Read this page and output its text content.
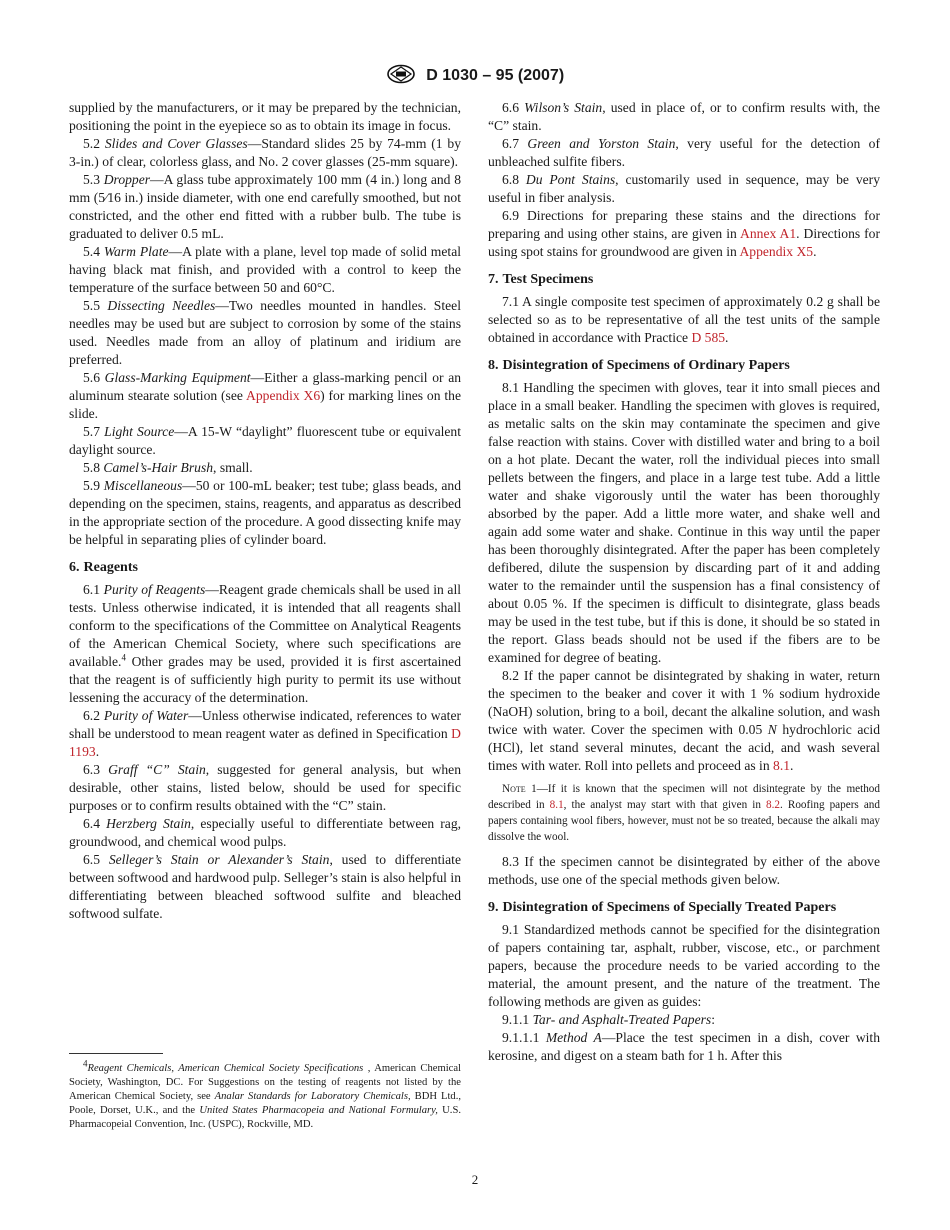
D 1030 – 95 (2007)

supplied by the manufacturers, or it may be prepared by the technician, positioning the point in the eyepiece so as to obtain its image in focus.

5.2 Slides and Cover Glasses—Standard slides 25 by 74-mm (1 by 3-in.) of clear, colorless glass, and No. 2 cover glasses (25-mm square).

5.3 Dropper—A glass tube approximately 100 mm (4 in.) long and 8 mm (5⁄16 in.) inside diameter, with one end carefully smoothed, but not constricted, and the other end fitted with a rubber bulb. The tube is graduated to deliver 0.5 mL.

5.4 Warm Plate—A plate with a plane, level top made of solid metal having black mat finish, and provided with a control to keep the temperature of the surface between 50 and 60°C.

5.5 Dissecting Needles—Two needles mounted in handles. Steel needles may be used but are subject to corrosion by some of the stains used. Needles made from an alloy of platinum and iridium are preferred.

5.6 Glass-Marking Equipment—Either a glass-marking pencil or an aluminum stearate solution (see Appendix X6) for marking lines on the slide.

5.7 Light Source—A 15-W “daylight” fluorescent tube or equivalent daylight source.

5.8 Camel’s-Hair Brush, small.

5.9 Miscellaneous—50 or 100-mL beaker; test tube; glass beads, and depending on the specimen, stains, reagents, and apparatus as described in the appropriate section of the procedure. A good dissecting knife may be helpful in separating plies of cylinder board.

6. Reagents

6.1 Purity of Reagents—Reagent grade chemicals shall be used in all tests. Unless otherwise indicated, it is intended that all reagents shall conform to the specifications of the Committee on Analytical Reagents of the American Chemical Society, where such specifications are available.$^4$ Other grades may be used, provided it is first ascertained that the reagent is of sufficiently high purity to permit its use without lessening the accuracy of the determination.

6.2 Purity of Water—Unless otherwise indicated, references to water shall be understood to mean reagent water as defined in Specification D 1193.

6.3 Graff “C” Stain, suggested for general analysis, but when desirable, other stains, listed below, should be used for specific purposes or to confirm results obtained with the “C” stain.

6.4 Herzberg Stain, especially useful to differentiate between rag, groundwood, and chemical wood pulps.

6.5 Selleger’s Stain or Alexander’s Stain, used to differentiate between softwood and hardwood pulp. Selleger’s stain is also helpful in differentiating between bleached softwood sulfite and bleached softwood sulfate.

$^4$Reagent Chemicals, American Chemical Society Specifications , American Chemical Society, Washington, DC. For Suggestions on the testing of reagents not listed by the American Chemical Society, see Analar Standards for Laboratory Chemicals, BDH Ltd., Poole, Dorset, U.K., and the United States Pharmacopeia and National Formulary, U.S. Pharmacopeial Convention, Inc. (USPC), Rockville, MD.

6.6 Wilson’s Stain, used in place of, or to confirm results with, the “C” stain.

6.7 Green and Yorston Stain, very useful for the detection of unbleached sulfite fibers.

6.8 Du Pont Stains, customarily used in sequence, may be very useful in fiber analysis.

6.9 Directions for preparing these stains and the directions for preparing and using other stains, are given in Annex A1. Directions for using spot stains for groundwood are given in Appendix X5.

7. Test Specimens

7.1 A single composite test specimen of approximately 0.2 g shall be selected so as to be representative of all the test units of the sample obtained in accordance with Practice D 585.

8. Disintegration of Specimens of Ordinary Papers

8.1 Handling the specimen with gloves, tear it into small pieces and place in a small beaker. Handling the specimen with gloves is required, as metalic salts on the skin may contaminate the specimen and give false reaction with stains. Cover with distilled water and bring to a boil on a hot plate. Decant the water, roll the individual pieces into small pellets between the fingers, and place in a large test tube. Add a little water and shake vigorously until the water has been thoroughly absorbed by the paper. Add a little more water, and shake well and again add some water and shake. Continue in this way until the paper has been thoroughly disintegrated. After the paper has been completely defibered, dilute the suspension by discarding part of it and adding water to the remainder until the suspension has a final consistency of about 0.05 %. If the specimen is difficult to disintegrate, glass beads may be used in the test tube, but if this is done, it should be so stated in the report. Glass beads should not be used if the fibers are to be examined for degree of beating.

8.2 If the paper cannot be disintegrated by shaking in water, return the specimen to the beaker and cover it with 1 % sodium hydroxide (NaOH) solution, bring to a boil, decant the alkaline solution, and wash twice with water. Cover the specimen with 0.05 N hydrochloric acid (HCl), let stand several minutes, decant the acid, and wash several times with water. Roll into pellets and proceed as in 8.1.

Note 1—If it is known that the specimen will not disintegrate by the method described in 8.1, the analyst may start with that given in 8.2. Roofing papers and papers containing wool fibers, however, must not be so treated, because the alkali may dissolve the wool.

8.3 If the specimen cannot be disintegrated by either of the above methods, use one of the special methods given below.

9. Disintegration of Specimens of Specially Treated Papers

9.1 Standardized methods cannot be specified for the disintegration of papers containing tar, asphalt, rubber, viscose, etc., or parchment papers, because the procedure needs to be varied according to the material, the amount present, and the nature of the treatment. The following methods are given as guides:

9.1.1 Tar- and Asphalt-Treated Papers:

9.1.1.1 Method A—Place the test specimen in a dish, cover with kerosine, and digest on a steam bath for 1 h. After this

2
